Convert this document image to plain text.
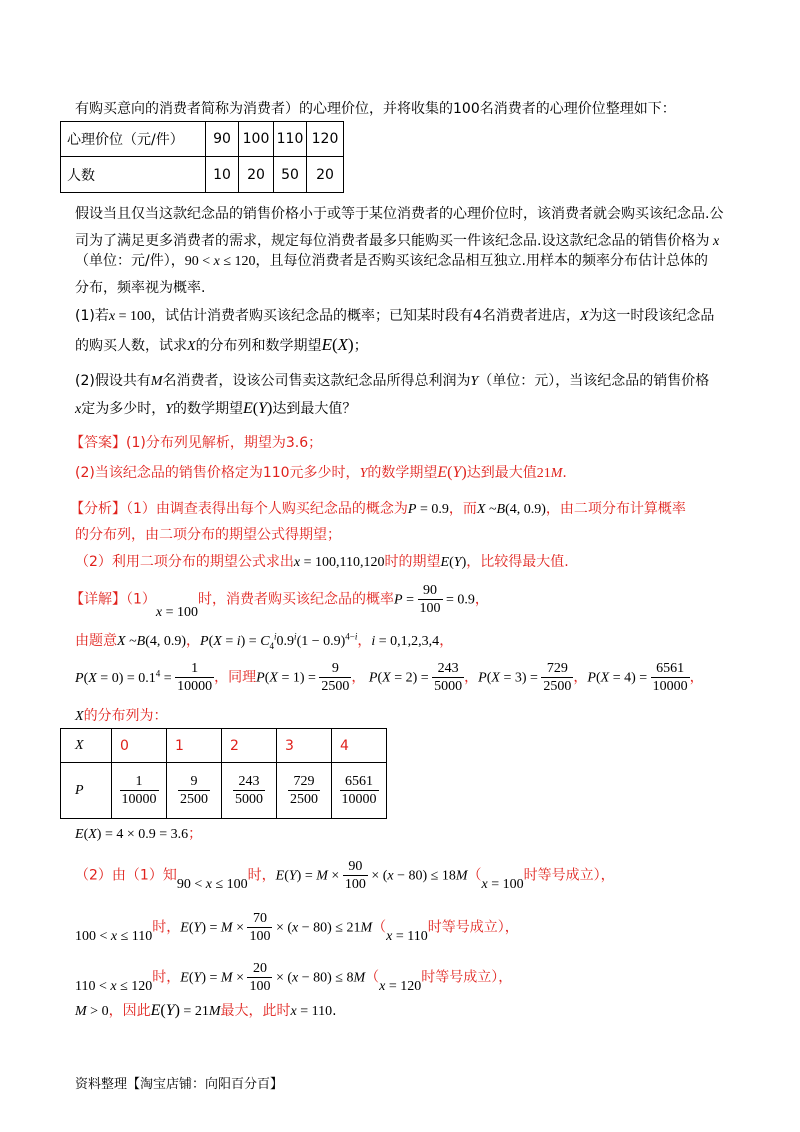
有购买意向的消费者简称为消费者）的心理价位，并将收集的100名消费者的心理价位整理如下：
心理价位（元/件）	90	100	110	120
人数	10	20	50	20
假设当且仅当这款纪念品的销售价格小于或等于某位消费者的心理价位时，该消费者就会购买该纪念品.公
司为了满足更多消费者的需求，规定每位消费者最多只能购买一件该纪念品.设这款纪念品的销售价格为 x
（单位：元/件），90 < x ≤ 120，且每位消费者是否购买该纪念品相互独立.用样本的频率分布估计总体的
分布，频率视为概率.
(1)若x = 100，试估计消费者购买该纪念品的概率；已知某时段有4名消费者进店，X为这一时段该纪念品
的购买人数，试求X的分布列和数学期望E(X)；
(2)假设共有M名消费者，设该公司售卖这款纪念品所得总利润为Y（单位：元），当该纪念品的销售价格
x定为多少时，Y的数学期望E(Y)达到最大值？
【答案】(1)分布列见解析，期望为3.6；
(2)当该纪念品的销售价格定为110元多少时，Y的数学期望E(Y)达到最大值21M.
【分析】（1）由调查表得出每个人购买纪念品的概念为P = 0.9，而X ~B(4, 0.9)，由二项分布计算概率
的分布列，由二项分布的期望公式得期望；
（2）利用二项分布的期望公式求出x = 100,110,120时的期望E(Y)，比较得最大值.
【详解】（1）x = 100时，消费者购买该纪念品的概率$P = \frac{90}{100} = 0.9$，
由题意X ~B(4, 0.9)，$P(X = i) = C_4^i0.9^i(1 - 0.9)^{4-i}$，i = 0,1,2,3,4，
$P(X = 0) = 0.1^4 = \frac{1}{10000}$ ，同理$P(X = 1) = \frac{9}{2500}$ ， $P(X = 2) = \frac{243}{5000}$ ，$P(X = 3) = \frac{729}{2500}$ ，$P(X = 4) = \frac{6561}{10000}$ ，
X的分布列为：
X	0	1	2	3	4
P	$\frac{1}{10000}$	$\frac{9}{2500}$	$\frac{243}{5000}$	$\frac{729}{2500}$	$\frac{6561}{10000}$
E(X) = 4 × 0.9 = 3.6；
（2）由（1）知90 < x ≤ 100时，$E(Y) = M \times \frac{90}{100} \times (x - 80) \le 18M(x = 100$时等号成立），
100 < x ≤ 110时，$E(Y) = M \times \frac{70}{100} \times (x - 80) \le 21M(x = 110$时等号成立），
110 < x ≤ 120时，$E(Y) = M \times \frac{20}{100} \times (x - 80) \le 8M(x = 120$时等号成立），
M > 0，因此E(Y) = 21M最大，此时x = 110.
资料整理【淘宝店铺：向阳百分百】
